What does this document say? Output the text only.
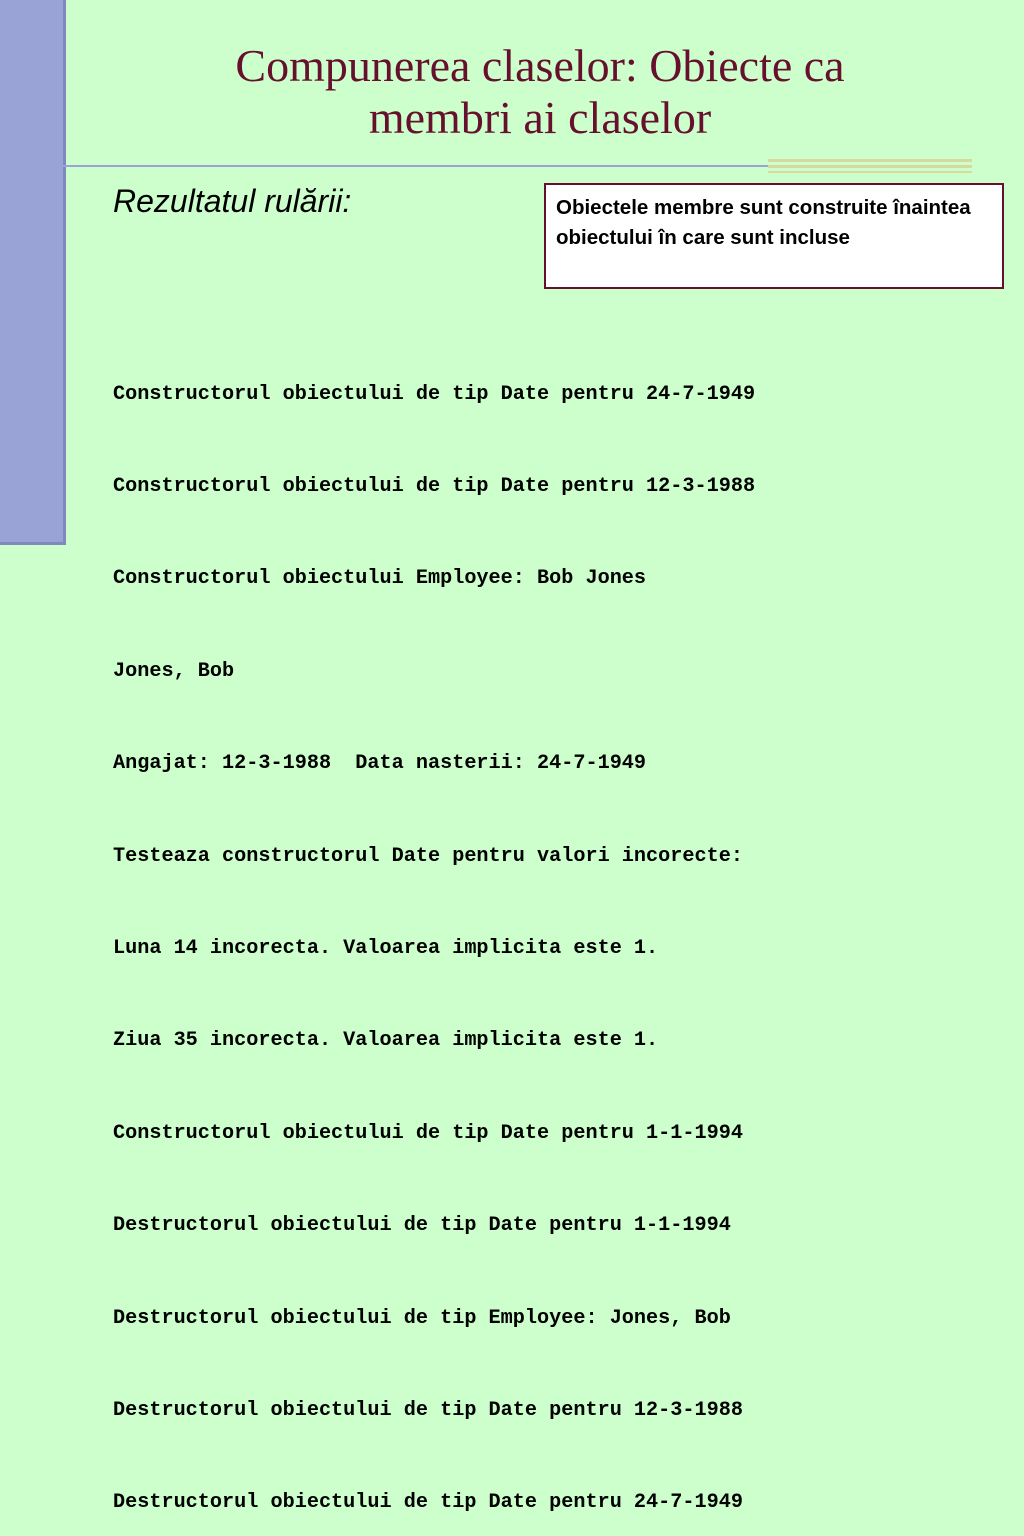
Compunerea claselor: Obiecte ca
membri ai claselor
Rezultatul rulării:	Obiectele membre sunt construite înaintea obiectului în care sunt incluse

Constructorul obiectului de tip Date pentru 24-7-1949

Constructorul obiectului de tip Date pentru 12-3-1988

Constructorul obiectului Employee: Bob Jones

Jones, Bob

Angajat: 12-3-1988  Data nasterii: 24-7-1949

Testeaza constructorul Date pentru valori incorecte:

Luna 14 incorecta. Valoarea implicita este 1.

Ziua 35 incorecta. Valoarea implicita este 1.

Constructorul obiectului de tip Date pentru 1-1-1994

Destructorul obiectului de tip Date pentru 1-1-1994

Destructorul obiectului de tip Employee: Jones, Bob

Destructorul obiectului de tip Date pentru 12-3-1988

Destructorul obiectului de tip Date pentru 24-7-1949
